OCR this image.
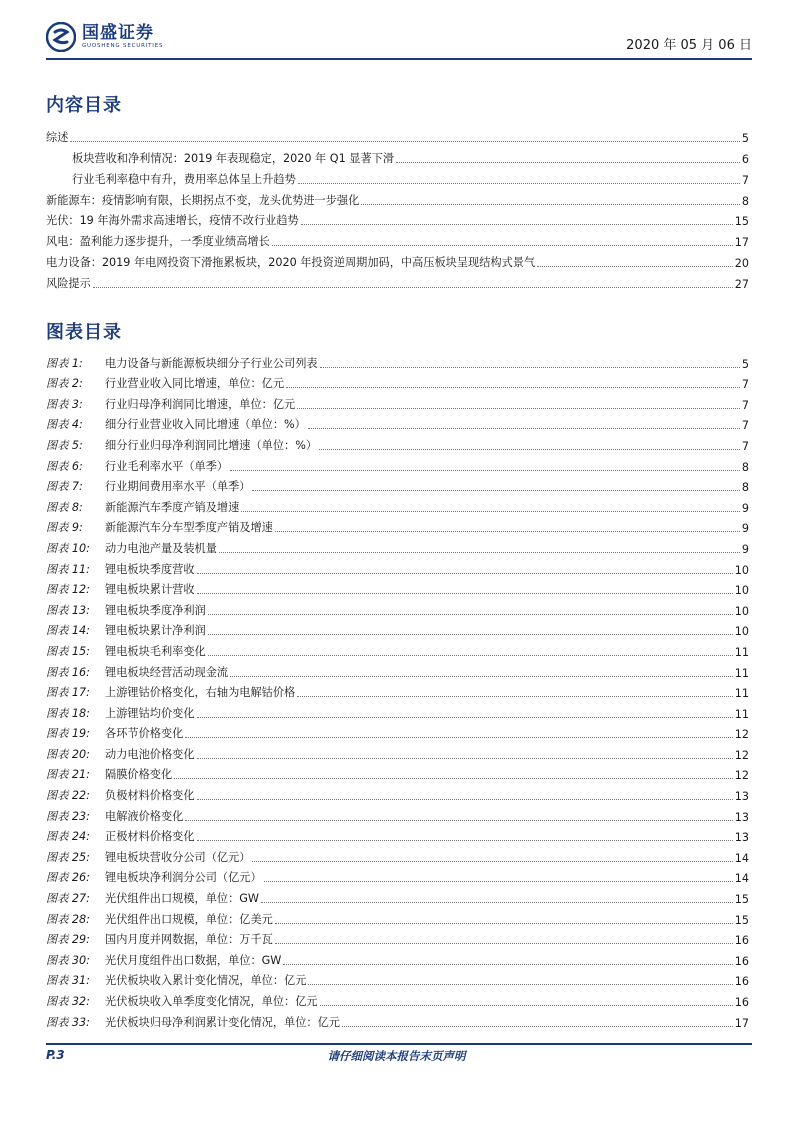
国盛证券
GUOSHENG SECURITIES	2020 年 05 月 06 日
内容目录
综述	5
板块营收和净利情况：2019 年表现稳定，2020 年 Q1 显著下滑	6
行业毛利率稳中有升，费用率总体呈上升趋势	7
新能源车：疫情影响有限，长期拐点不变，龙头优势进一步强化	8
光伏：19 年海外需求高速增长，疫情不改行业趋势	15
风电：盈利能力逐步提升，一季度业绩高增长	17
电力设备：2019 年电网投资下滑拖累板块，2020 年投资逆周期加码，中高压板块呈现结构式景气	20
风险提示	27
图表目录
图表 1: 电力设备与新能源板块细分子行业公司列表	5
图表 2: 行业营业收入同比增速，单位：亿元	7
图表 3: 行业归母净利润同比增速，单位：亿元	7
图表 4: 细分行业营业收入同比增速（单位：%）	7
图表 5: 细分行业归母净利润同比增速（单位：%）	7
图表 6: 行业毛利率水平（单季）	8
图表 7: 行业期间费用率水平（单季）	8
图表 8: 新能源汽车季度产销及增速	9
图表 9: 新能源汽车分车型季度产销及增速	9
图表 10: 动力电池产量及装机量	9
图表 11: 锂电板块季度营收	10
图表 12: 锂电板块累计营收	10
图表 13: 锂电板块季度净利润	10
图表 14: 锂电板块累计净利润	10
图表 15: 锂电板块毛利率变化	11
图表 16: 锂电板块经营活动现金流	11
图表 17: 上游锂钴价格变化，右轴为电解钴价格	11
图表 18: 上游锂钴均价变化	11
图表 19: 各环节价格变化	12
图表 20: 动力电池价格变化	12
图表 21: 隔膜价格变化	12
图表 22: 负极材料价格变化	13
图表 23: 电解液价格变化	13
图表 24: 正极材料价格变化	13
图表 25: 锂电板块营收分公司（亿元）	14
图表 26: 锂电板块净利润分公司（亿元）	14
图表 27: 光伏组件出口规模，单位：GW	15
图表 28: 光伏组件出口规模，单位：亿美元	15
图表 29: 国内月度并网数据，单位：万千瓦	16
图表 30: 光伏月度组件出口数据，单位：GW	16
图表 31: 光伏板块收入累计变化情况，单位：亿元	16
图表 32: 光伏板块收入单季度变化情况，单位：亿元	16
图表 33: 光伏板块归母净利润累计变化情况，单位：亿元	17
P.3	请仔细阅读本报告末页声明
